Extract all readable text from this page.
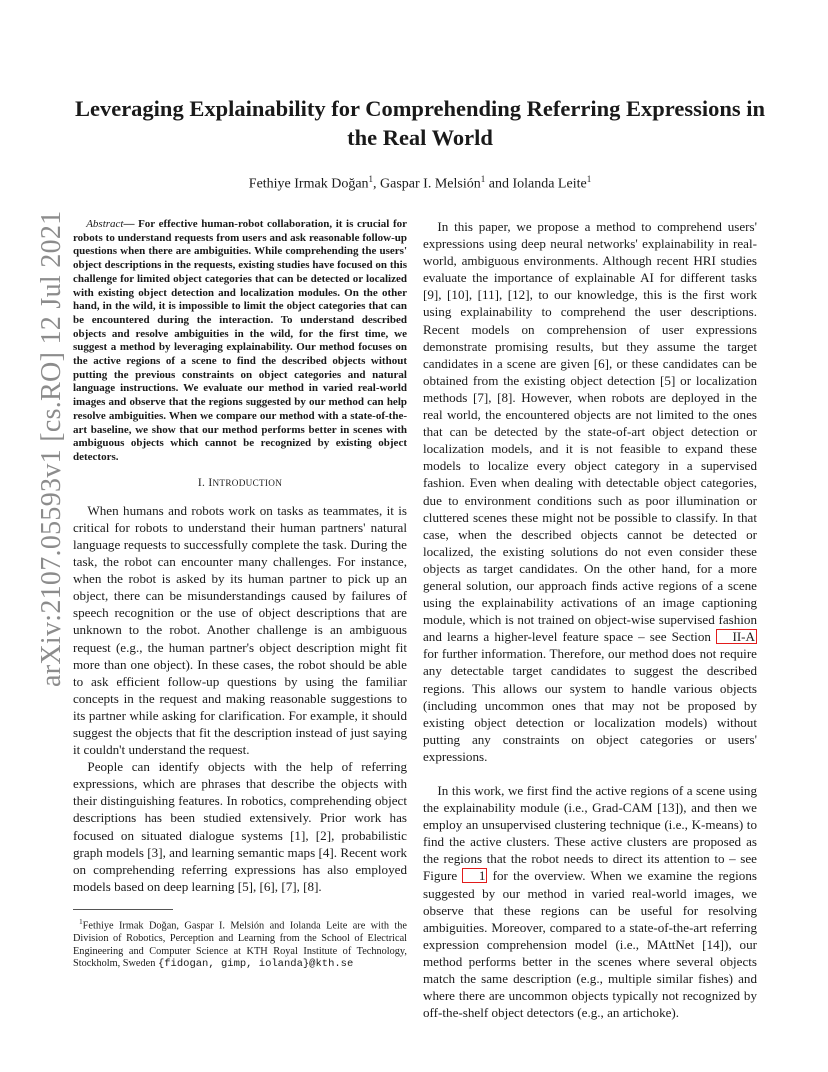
arXiv:2107.05593v1 [cs.RO] 12 Jul 2021
Leveraging Explainability for Comprehending Referring Expressions in the Real World
Fethiye Irmak Doğan$^1$, Gaspar I. Melsión$^1$ and Iolanda Leite$^1$

Abstract— For effective human-robot collaboration, it is crucial for robots to understand requests from users and ask reasonable follow-up questions when there are ambiguities. While comprehending the users' object descriptions in the requests, existing studies have focused on this challenge for limited object categories that can be detected or localized with existing object detection and localization modules. On the other hand, in the wild, it is impossible to limit the object categories that can be encountered during the interaction. To understand described objects and resolve ambiguities in the wild, for the first time, we suggest a method by leveraging explainability. Our method focuses on the active regions of a scene to find the described objects without putting the previous constraints on object categories and natural language instructions. We evaluate our method in varied real-world images and observe that the regions suggested by our method can help resolve ambiguities. When we compare our method with a state-of-the-art baseline, we show that our method performs better in scenes with ambiguous objects which cannot be recognized by existing object detectors.

I. INTRODUCTION

When humans and robots work on tasks as teammates, it is critical for robots to understand their human partners' natural language requests to successfully complete the task. During the task, the robot can encounter many challenges. For instance, when the robot is asked by its human partner to pick up an object, there can be misunderstandings caused by failures of speech recognition or the use of object descriptions that are unknown to the robot. Another challenge is an ambiguous request (e.g., the human partner's object description might fit more than one object). In these cases, the robot should be able to ask efficient follow-up questions by using the familiar concepts in the request and making reasonable suggestions to its partner while asking for clarification. For example, it should suggest the objects that fit the description instead of just saying it couldn't understand the request.

People can identify objects with the help of referring expressions, which are phrases that describe the objects with their distinguishing features. In robotics, comprehending object descriptions has been studied extensively. Prior work has focused on situated dialogue systems [1], [2], probabilistic graph models [3], and learning semantic maps [4]. Recent work on comprehending referring expressions has also employed models based on deep learning [5], [6], [7], [8].

$^1$Fethiye Irmak Doğan, Gaspar I. Melsión and Iolanda Leite are with the Division of Robotics, Perception and Learning from the School of Electrical Engineering and Computer Science at KTH Royal Institute of Technology, Stockholm, Sweden {fidogan, gimp, iolanda}@kth.se

In this paper, we propose a method to comprehend users' expressions using deep neural networks' explainability in real-world, ambiguous environments. Although recent HRI studies evaluate the importance of explainable AI for different tasks [9], [10], [11], [12], to our knowledge, this is the first work using explainability to comprehend the user descriptions. Recent models on comprehension of user expressions demonstrate promising results, but they assume the target candidates in a scene are given [6], or these candidates can be obtained from the existing object detection [5] or localization methods [7], [8]. However, when robots are deployed in the real world, the encountered objects are not limited to the ones that can be detected by the state-of-art object detection or localization models, and it is not feasible to expand these models to localize every object category in a supervised fashion. Even when dealing with detectable object categories, due to environment conditions such as poor illumination or cluttered scenes these might not be possible to classify. In that case, when the described objects cannot be detected or localized, the existing solutions do not even consider these objects as target candidates. On the other hand, for a more general solution, our approach finds active regions of a scene using the explainability activations of an image captioning module, which is not trained on object-wise supervised fashion and learns a higher-level feature space – see Section II-A for further information. Therefore, our method does not require any detectable target candidates to suggest the described regions. This allows our system to handle various objects (including uncommon ones that may not be proposed by existing object detection or localization models) without putting any constraints on object categories or users' expressions.

In this work, we first find the active regions of a scene using the explainability module (i.e., Grad-CAM [13]), and then we employ an unsupervised clustering technique (i.e., K-means) to find the active clusters. These active clusters are proposed as the regions that the robot needs to direct its attention to – see Figure 1 for the overview. When we examine the regions suggested by our method in varied real-world images, we observe that these regions can be useful for resolving ambiguities. Moreover, compared to a state-of-the-art referring expression comprehension model (i.e., MAttNet [14]), our method performs better in the scenes where several objects match the same description (e.g., multiple similar fishes) and where there are uncommon objects typically not recognized by off-the-shelf object detectors (e.g., an artichoke).
